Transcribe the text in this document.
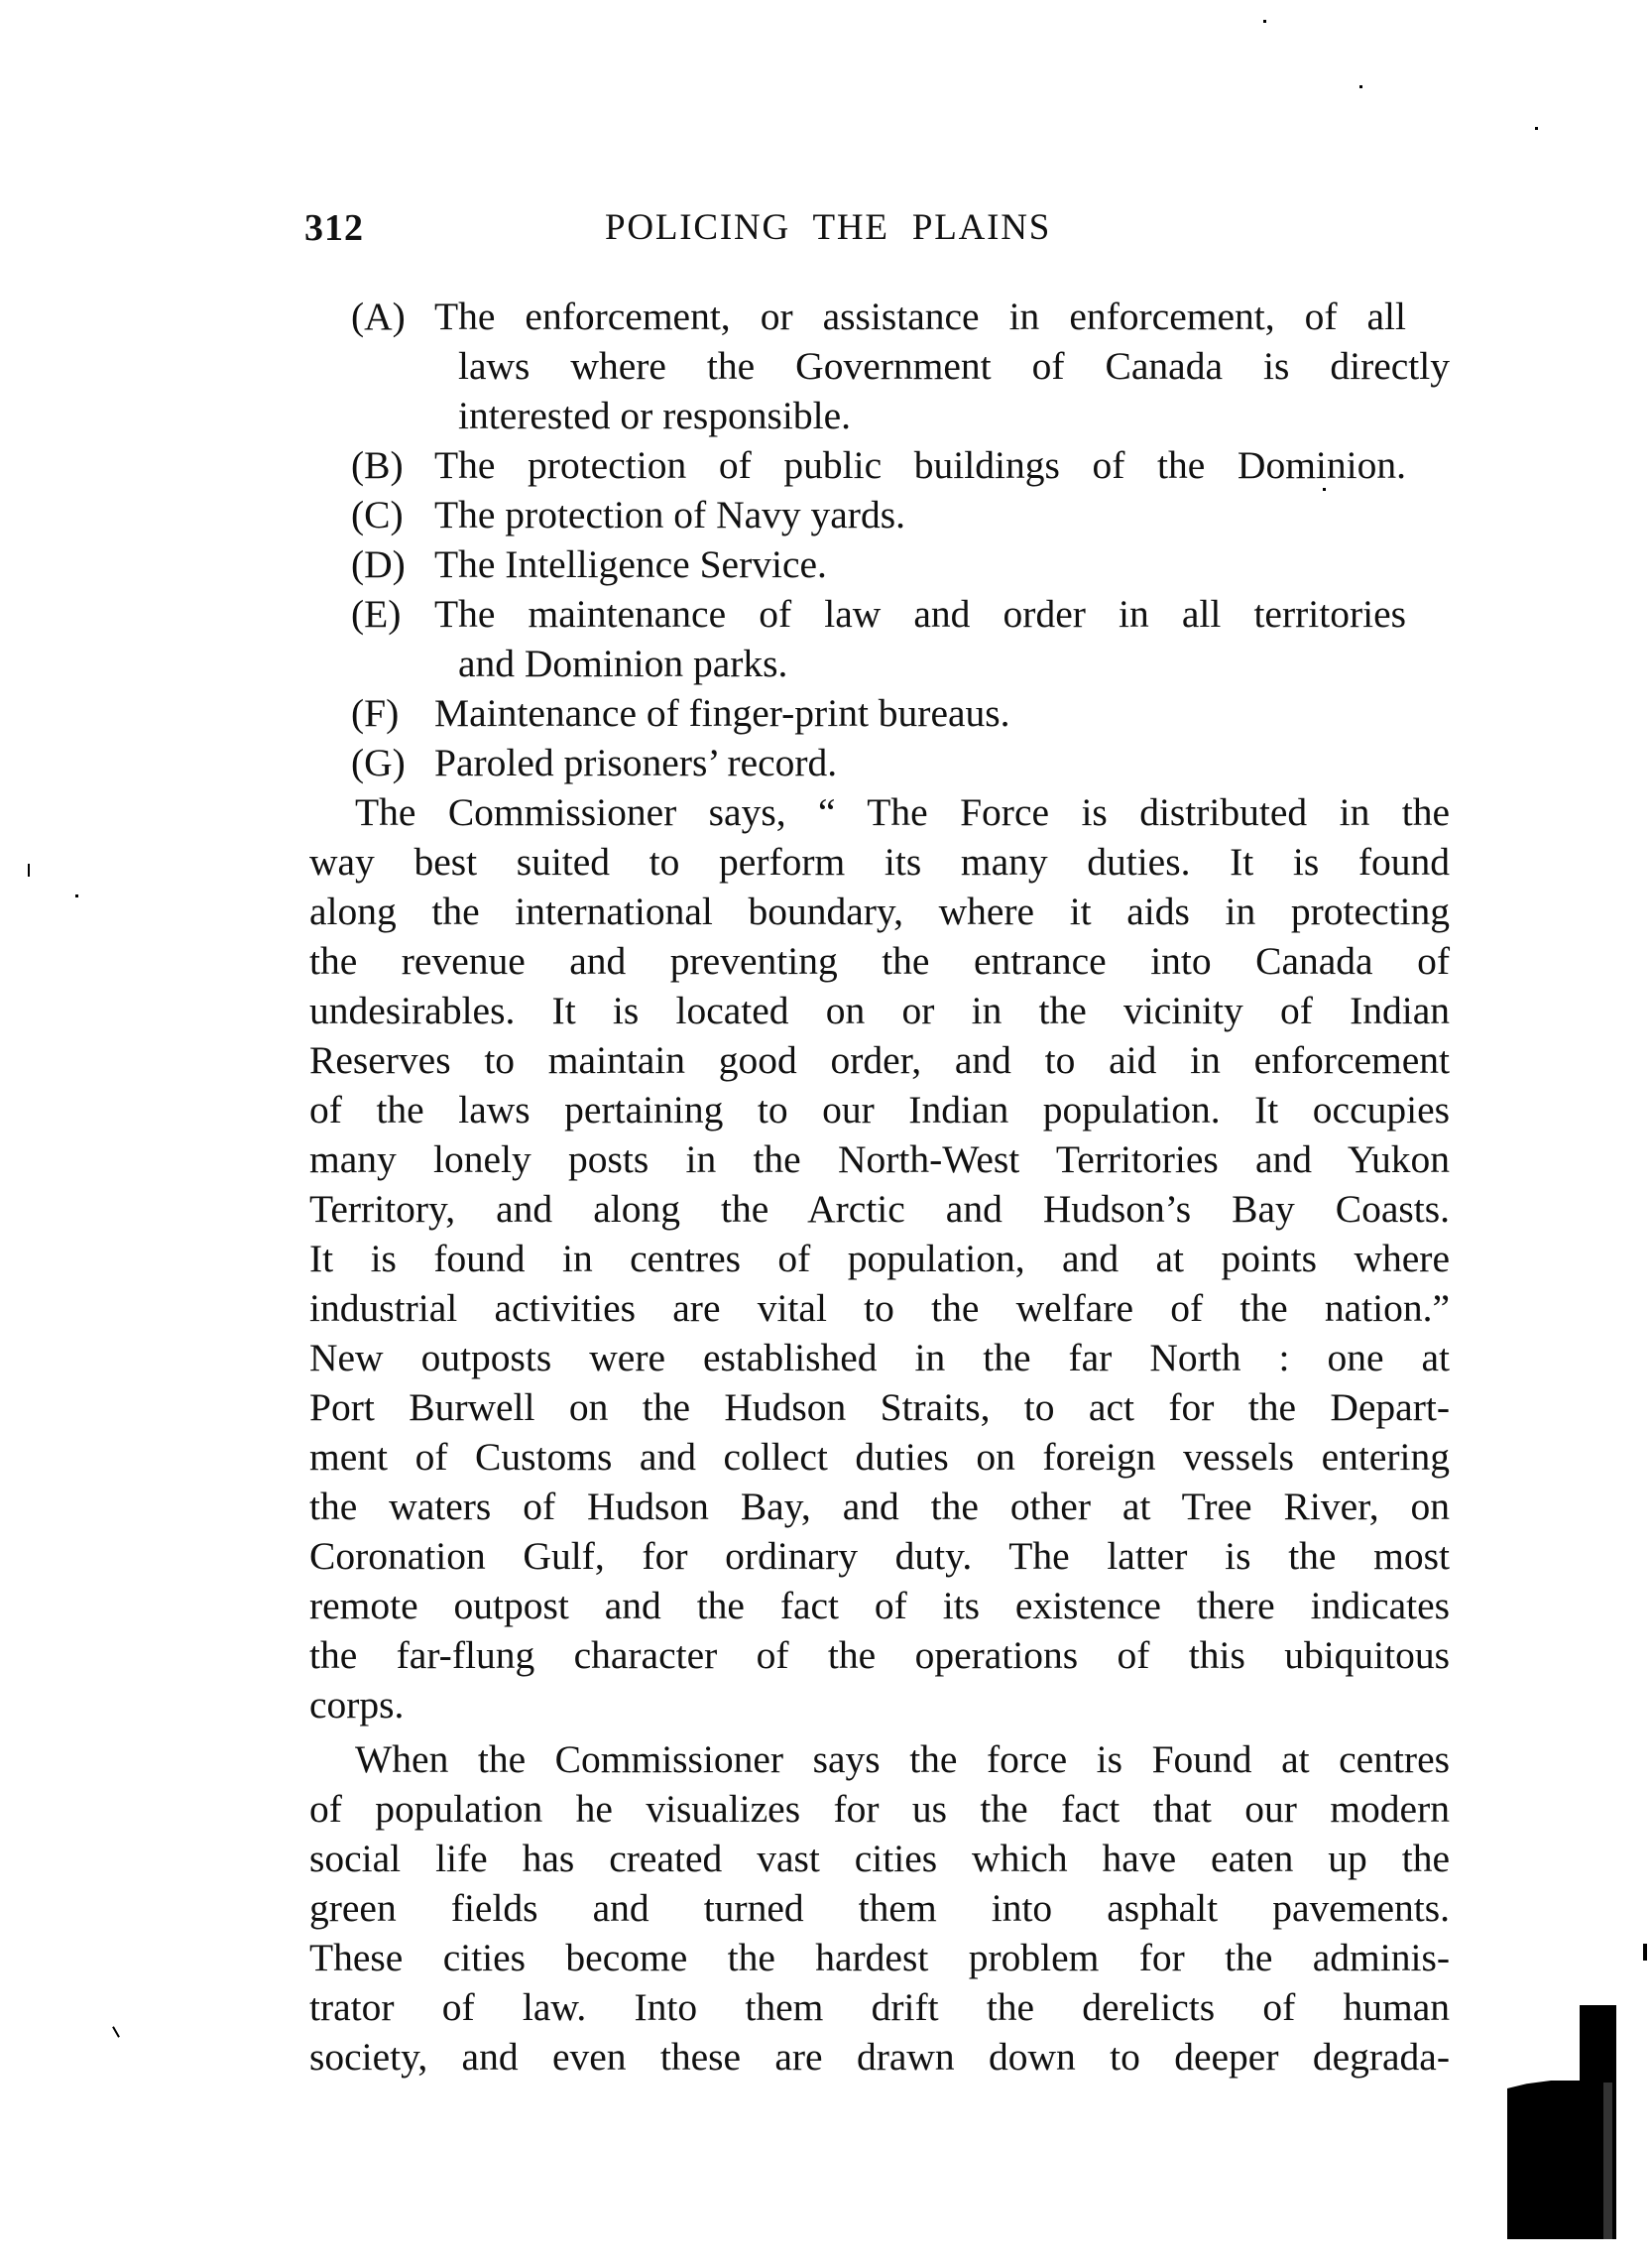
312	POLICING THE PLAINS
(A) The enforcement, or assistance in enforcement, of all
laws where the Government of Canada is directly
interested or responsible.
(B) The protection of public buildings of the Dominion.
(C) The protection of Navy yards.
(D) The Intelligence Service.
(E) The maintenance of law and order in all territories
and Dominion parks.
(F) Maintenance of finger-print bureaus.
(G) Paroled prisoners’ record.
The Commissioner says, “ The Force is distributed in the
way best suited to perform its many duties. It is found
along the international boundary, where it aids in protecting
the revenue and preventing the entrance into Canada of
undesirables. It is located on or in the vicinity of Indian
Reserves to maintain good order, and to aid in enforcement
of the laws pertaining to our Indian population. It occupies
many lonely posts in the North-West Territories and Yukon
Territory, and along the Arctic and Hudson’s Bay Coasts.
It is found in centres of population, and at points where
industrial activities are vital to the welfare of the nation.”
New outposts were established in the far North : one at
Port Burwell on the Hudson Straits, to act for the Depart-
ment of Customs and collect duties on foreign vessels entering
the waters of Hudson Bay, and the other at Tree River, on
Coronation Gulf, for ordinary duty. The latter is the most
remote outpost and the fact of its existence there indicates
the far-flung character of the operations of this ubiquitous
corps.
When the Commissioner says the force is Found at centres
of population he visualizes for us the fact that our modern
social life has created vast cities which have eaten up the
green fields and turned them into asphalt pavements.
These cities become the hardest problem for the adminis-
trator of law. Into them drift the derelicts of human
society, and even these are drawn down to deeper degrada-
